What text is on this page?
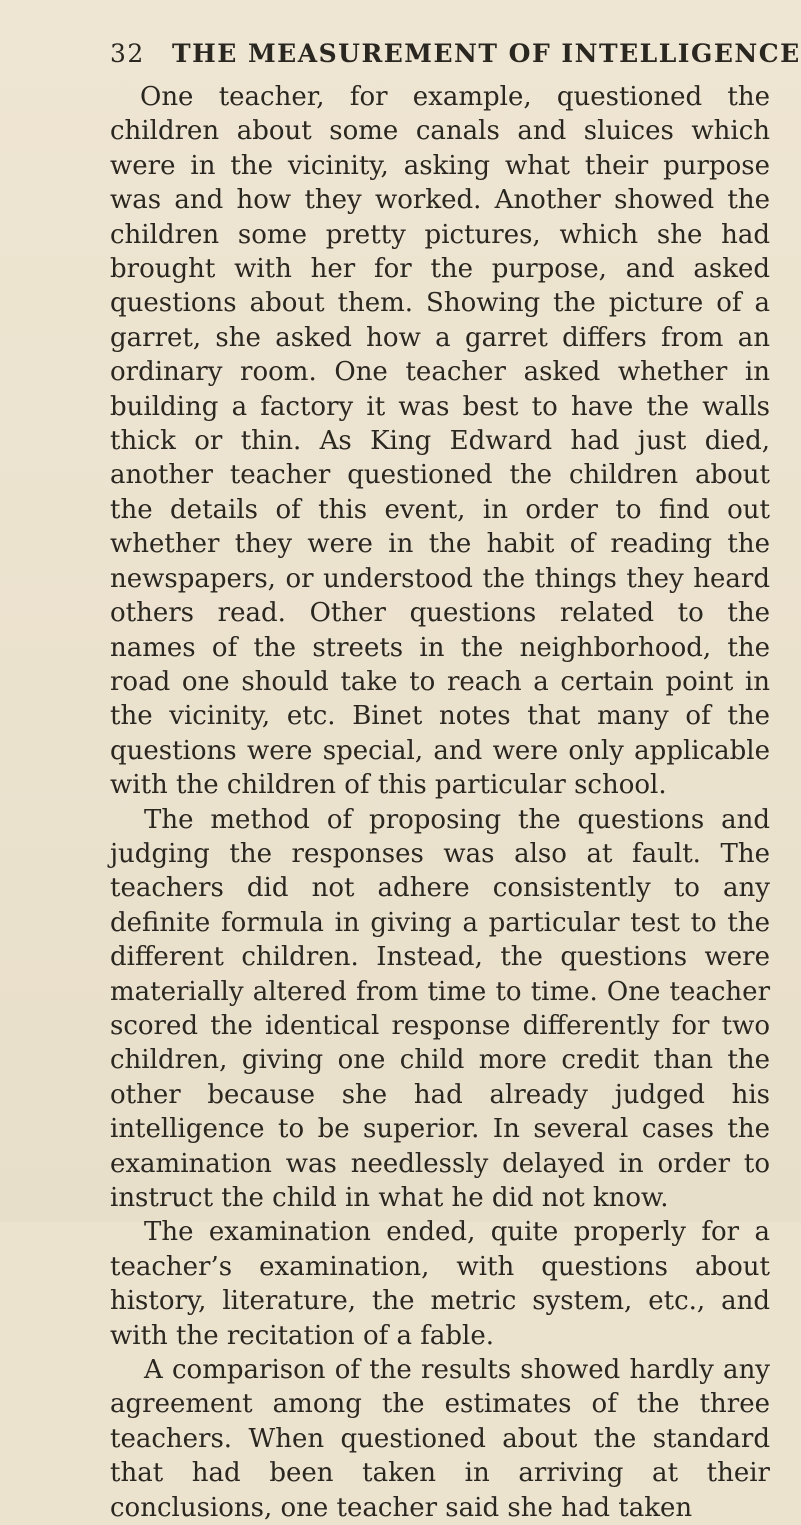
32 THE MEASUREMENT OF INTELLIGENCE

One teacher, for example, questioned the children about some canals and sluices which were in the vicinity, asking what their purpose was and how they worked. Another showed the children some pretty pictures, which she had brought with her for the purpose, and asked questions about them. Showing the picture of a garret, she asked how a garret differs from an ordinary room. One teacher asked whether in building a factory it was best to have the walls thick or thin. As King Edward had just died, another teacher questioned the children about the details of this event, in order to find out whether they were in the habit of reading the newspapers, or understood the things they heard others read. Other questions related to the names of the streets in the neighborhood, the road one should take to reach a certain point in the vicinity, etc. Binet notes that many of the questions were special, and were only applicable with the children of this particular school.

The method of proposing the questions and judging the responses was also at fault. The teachers did not adhere consistently to any definite formula in giving a particular test to the different children. Instead, the questions were materially altered from time to time. One teacher scored the identical response differently for two children, giving one child more credit than the other because she had already judged his intelligence to be superior. In several cases the examination was needlessly delayed in order to instruct the child in what he did not know.

The examination ended, quite properly for a teacher’s examination, with questions about history, literature, the metric system, etc., and with the recitation of a fable.

A comparison of the results showed hardly any agreement among the estimates of the three teachers. When questioned about the standard that had been taken in arriving at their conclusions, one teacher said she had taken
